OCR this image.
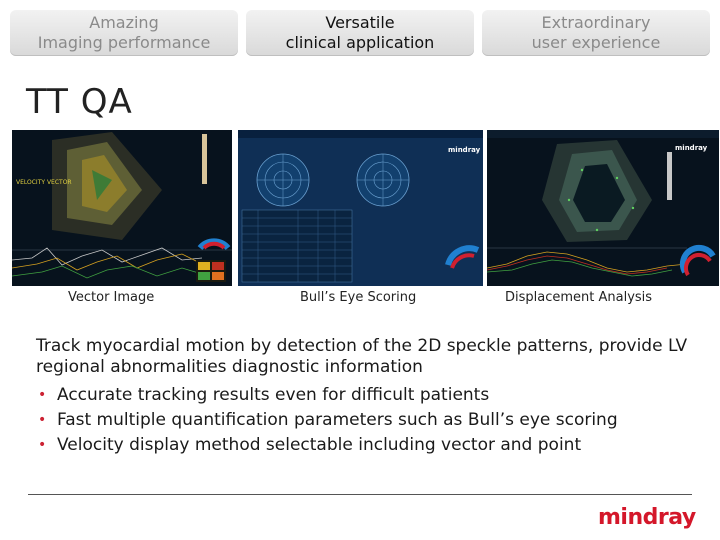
Amazing
Imaging performance
Versatile
clinical application
Extraordinary
user experience
TT QA
VELOCITY VECTOR
mindray	mindray
Vector Image	Bull’s Eye Scoring	Displacement Analysis
Track myocardial motion by detection of the 2D speckle patterns, provide LV regional abnormalities diagnostic information
• Accurate tracking results even for difficult patients
• Fast multiple quantification parameters such as Bull’s eye scoring
• Velocity display method selectable including vector and point
mindray
